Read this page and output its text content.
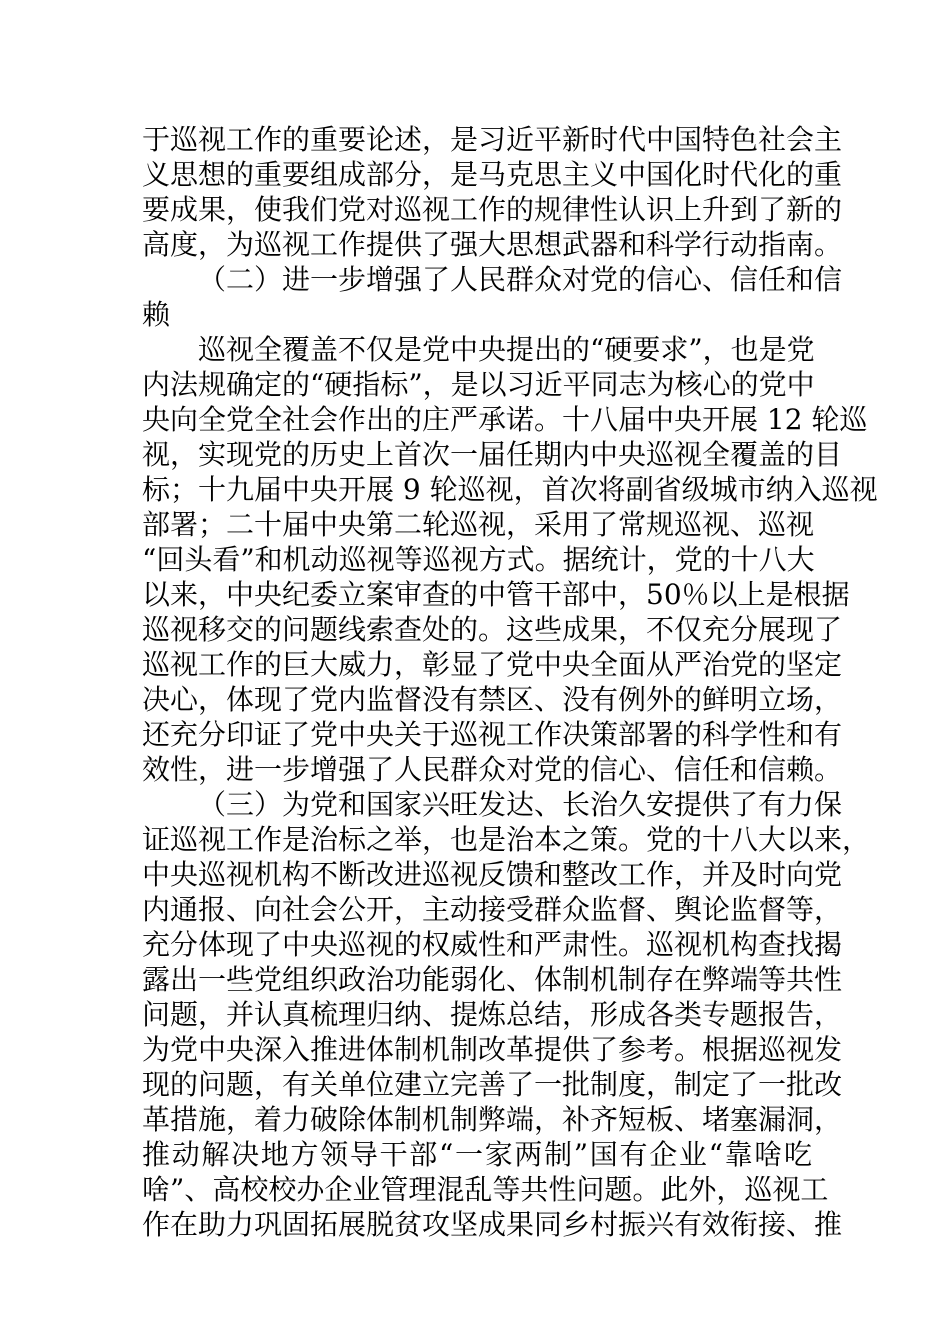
于巡视工作的重要论述，是习近平新时代中国特色社会主
义思想的重要组成部分，是马克思主义中国化时代化的重
要成果，使我们党对巡视工作的规律性认识上升到了新的
高度，为巡视工作提供了强大思想武器和科学行动指南。
（二）进一步增强了人民群众对党的信心、信任和信
赖
巡视全覆盖不仅是党中央提出的“硬要求”，也是党
内法规确定的“硬指标”，是以习近平同志为核心的党中
央向全党全社会作出的庄严承诺。十八届中央开展 12 轮巡
视，实现党的历史上首次一届任期内中央巡视全覆盖的目
标；十九届中央开展 9 轮巡视，首次将副省级城市纳入巡视
部署；二十届中央第二轮巡视，采用了常规巡视、巡视
“回头看”和机动巡视等巡视方式。据统计，党的十八大
以来，中央纪委立案审查的中管干部中，50％以上是根据
巡视移交的问题线索查处的。这些成果，不仅充分展现了
巡视工作的巨大威力，彰显了党中央全面从严治党的坚定
决心，体现了党内监督没有禁区、没有例外的鲜明立场，
还充分印证了党中央关于巡视工作决策部署的科学性和有
效性，进一步增强了人民群众对党的信心、信任和信赖。
（三）为党和国家兴旺发达、长治久安提供了有力保
证巡视工作是治标之举，也是治本之策。党的十八大以来，
中央巡视机构不断改进巡视反馈和整改工作，并及时向党
内通报、向社会公开，主动接受群众监督、舆论监督等，
充分体现了中央巡视的权威性和严肃性。巡视机构查找揭
露出一些党组织政治功能弱化、体制机制存在弊端等共性
问题，并认真梳理归纳、提炼总结，形成各类专题报告，
为党中央深入推进体制机制改革提供了参考。根据巡视发
现的问题，有关单位建立完善了一批制度，制定了一批改
革措施，着力破除体制机制弊端，补齐短板、堵塞漏洞，
推动解决地方领导干部“一家两制”国有企业“靠啥吃
啥”、高校校办企业管理混乱等共性问题。此外，巡视工
作在助力巩固拓展脱贫攻坚成果同乡村振兴有效衔接、推
